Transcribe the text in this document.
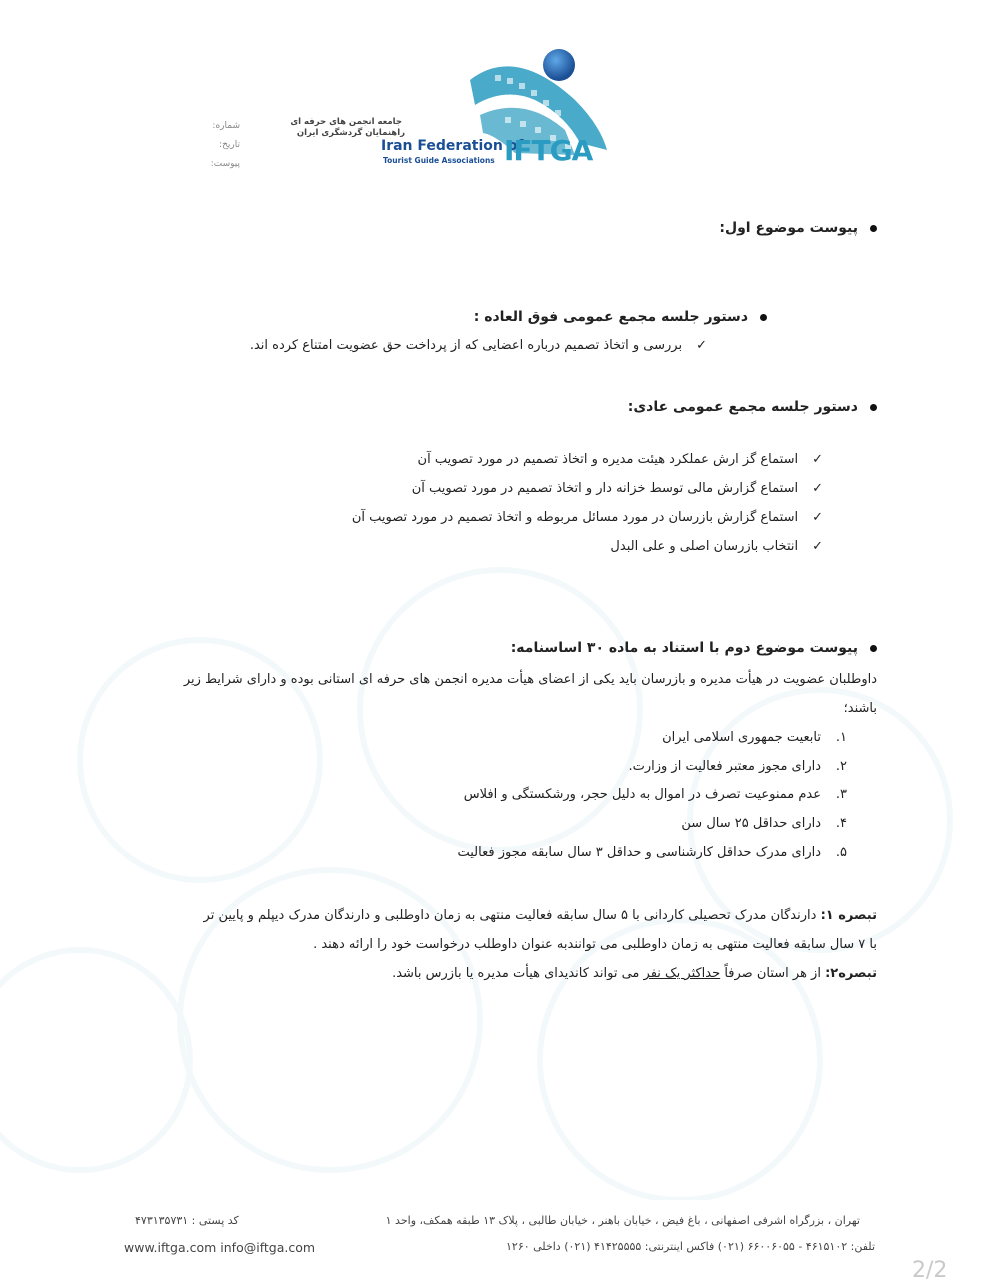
جامعه انجمن های حرفه ای
راهنمایان گردشگری ایران
Iran Federation of
Tourist Guide Associations IFTGA
شماره:
تاریخ:
پیوست:
پیوست موضوع اول:
دستور جلسه مجمع عمومی فوق العاده :
✓بررسی و اتخاذ تصمیم درباره اعضایی که از پرداخت حق عضویت امتناع کرده اند.
دستور جلسه مجمع عمومی عادی:
✓استماع گز ارش عملکرد هیئت مدیره و اتخاذ تصمیم در مورد تصویب آن
✓استماع گزارش مالی توسط خزانه دار و اتخاذ تصمیم در مورد تصویب آن
✓استماع گزارش بازرسان در مورد مسائل مربوطه و اتخاذ تصمیم در مورد تصویب آن
✓انتخاب بازرسان اصلی و علی البدل
پیوست موضوع دوم با استناد به ماده ۳۰ اساسنامه:
داوطلبان عضویت در هیأت مدیره و بازرسان باید یکی از اعضای هیأت مدیره انجمن های حرفه ای استانی بوده و دارای شرایط زیر
باشند؛
۱.تابعیت جمهوری اسلامی ایران
۲.دارای مجوز معتبر فعالیت از وزارت.
۳.عدم ممنوعیت تصرف در اموال به دلیل حجر، ورشکستگی و افلاس
۴.دارای حداقل ۲۵ سال سن
۵.دارای مدرک حداقل کارشناسی و حداقل ۳ سال سابقه مجوز فعالیت
تبصره ۱: دارندگان مدرک تحصیلی کاردانی با ۵ سال سابقه فعالیت منتهی به زمان داوطلبی و دارندگان مدرک دیپلم و پایین تر
با ۷ سال سابقه فعالیت منتهی به زمان داوطلبی می توانندبه عنوان داوطلب درخواست خود را ارائه دهند .
تبصره۲: از هر استان صرفاً حداکثر یک نفر می تواند کاندیدای هیأت مدیره یا بازرس باشد.
تهران ، بزرگراه اشرفی اصفهانی ، باغ فیض ، خیابان باهنر ، خیابان طالبی ، پلاک ۱۳ طبقه همکف، واحد ۱
کد پستی : ۴۷۳۱۳۵۷۳۱
تلفن: ۴۶۱۵۱۰۲ - ۶۶۰۰۶۰۵۵ (۰۲۱) فاکس اینترنتی: ۴۱۴۲۵۵۵۵ (۰۲۱) داخلی ۱۲۶۰
www.iftga.com info@iftga.com
2/2
